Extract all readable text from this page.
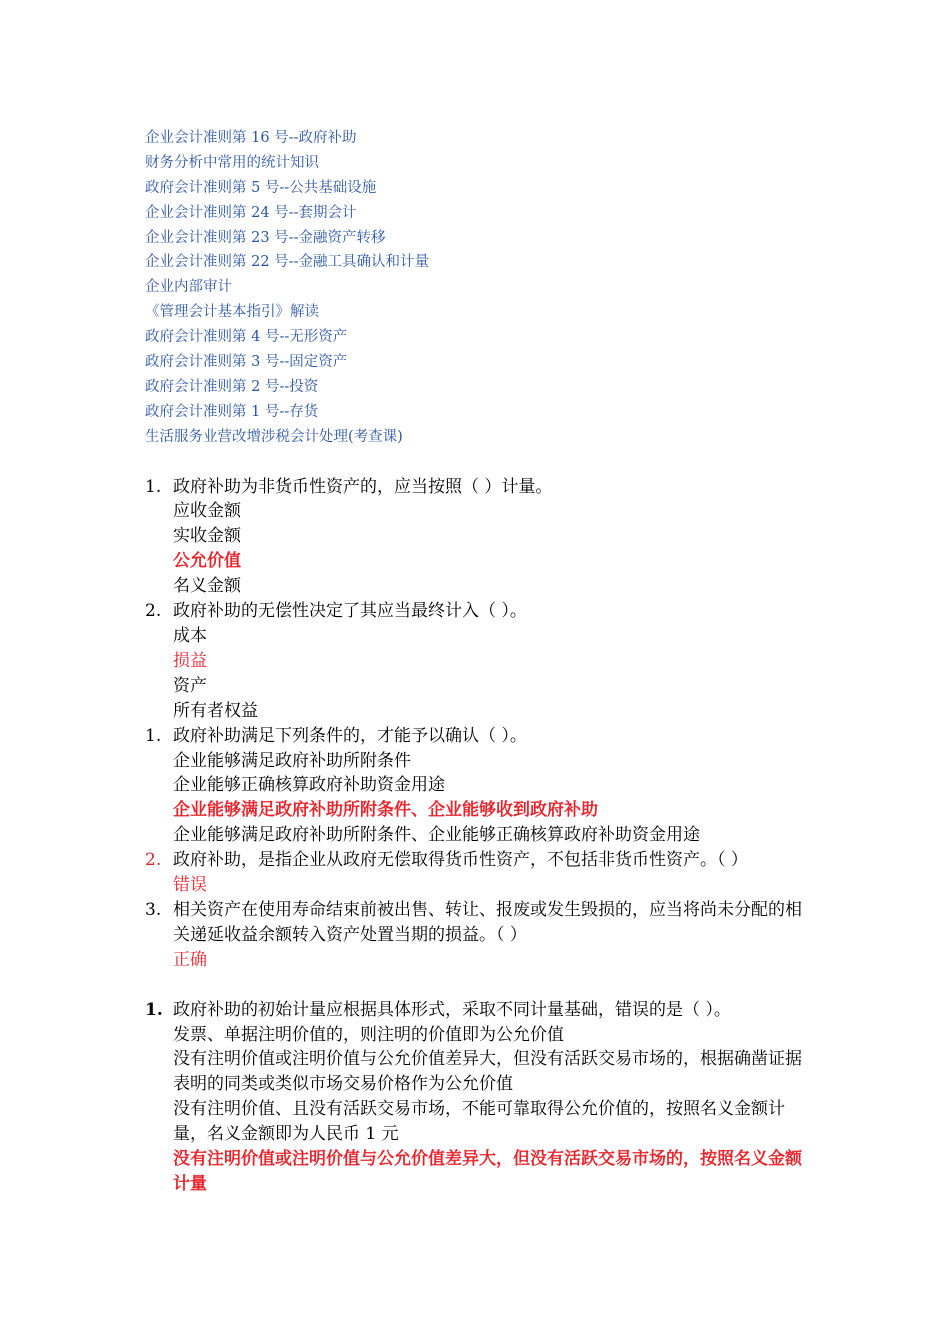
企业会计准则第 16 号--政府补助
财务分析中常用的统计知识
政府会计准则第 5 号--公共基础设施
企业会计准则第 24 号--套期会计
企业会计准则第 23 号--金融资产转移
企业会计准则第 22 号--金融工具确认和计量
企业内部审计
《管理会计基本指引》解读
政府会计准则第 4 号--无形资产
政府会计准则第 3 号--固定资产
政府会计准则第 2 号--投资
政府会计准则第 1 号--存货
生活服务业营改增涉税会计处理(考查课)
1. 政府补助为非货币性资产的，应当按照（ ）计量。

应收金额

实收金额

公允价值

名义金额

2. 政府补助的无偿性决定了其应当最终计入（ ）。

成本

损益

资产

所有者权益

1. 政府补助满足下列条件的，才能予以确认（ ）。

企业能够满足政府补助所附条件

企业能够正确核算政府补助资金用途

企业能够满足政府补助所附条件、企业能够收到政府补助

企业能够满足政府补助所附条件、企业能够正确核算政府补助资金用途

2. 政府补助，是指企业从政府无偿取得货币性资产，不包括非货币性资产。（ ）

错误

3. 相关资产在使用寿命结束前被出售、转让、报废或发生毁损的，应当将尚未分配的相关递延收益余额转入资产处置当期的损益。（ ）

正确

1. 政府补助的初始计量应根据具体形式，采取不同计量基础，错误的是（ ）。

发票、单据注明价值的，则注明的价值即为公允价值

没有注明价值或注明价值与公允价值差异大，但没有活跃交易市场的，根据确凿证据表明的同类或类似市场交易价格作为公允价值

没有注明价值、且没有活跃交易市场，不能可靠取得公允价值的，按照名义金额计量，名义金额即为人民币 1 元

没有注明价值或注明价值与公允价值差异大，但没有活跃交易市场的，按照名义金额计量
